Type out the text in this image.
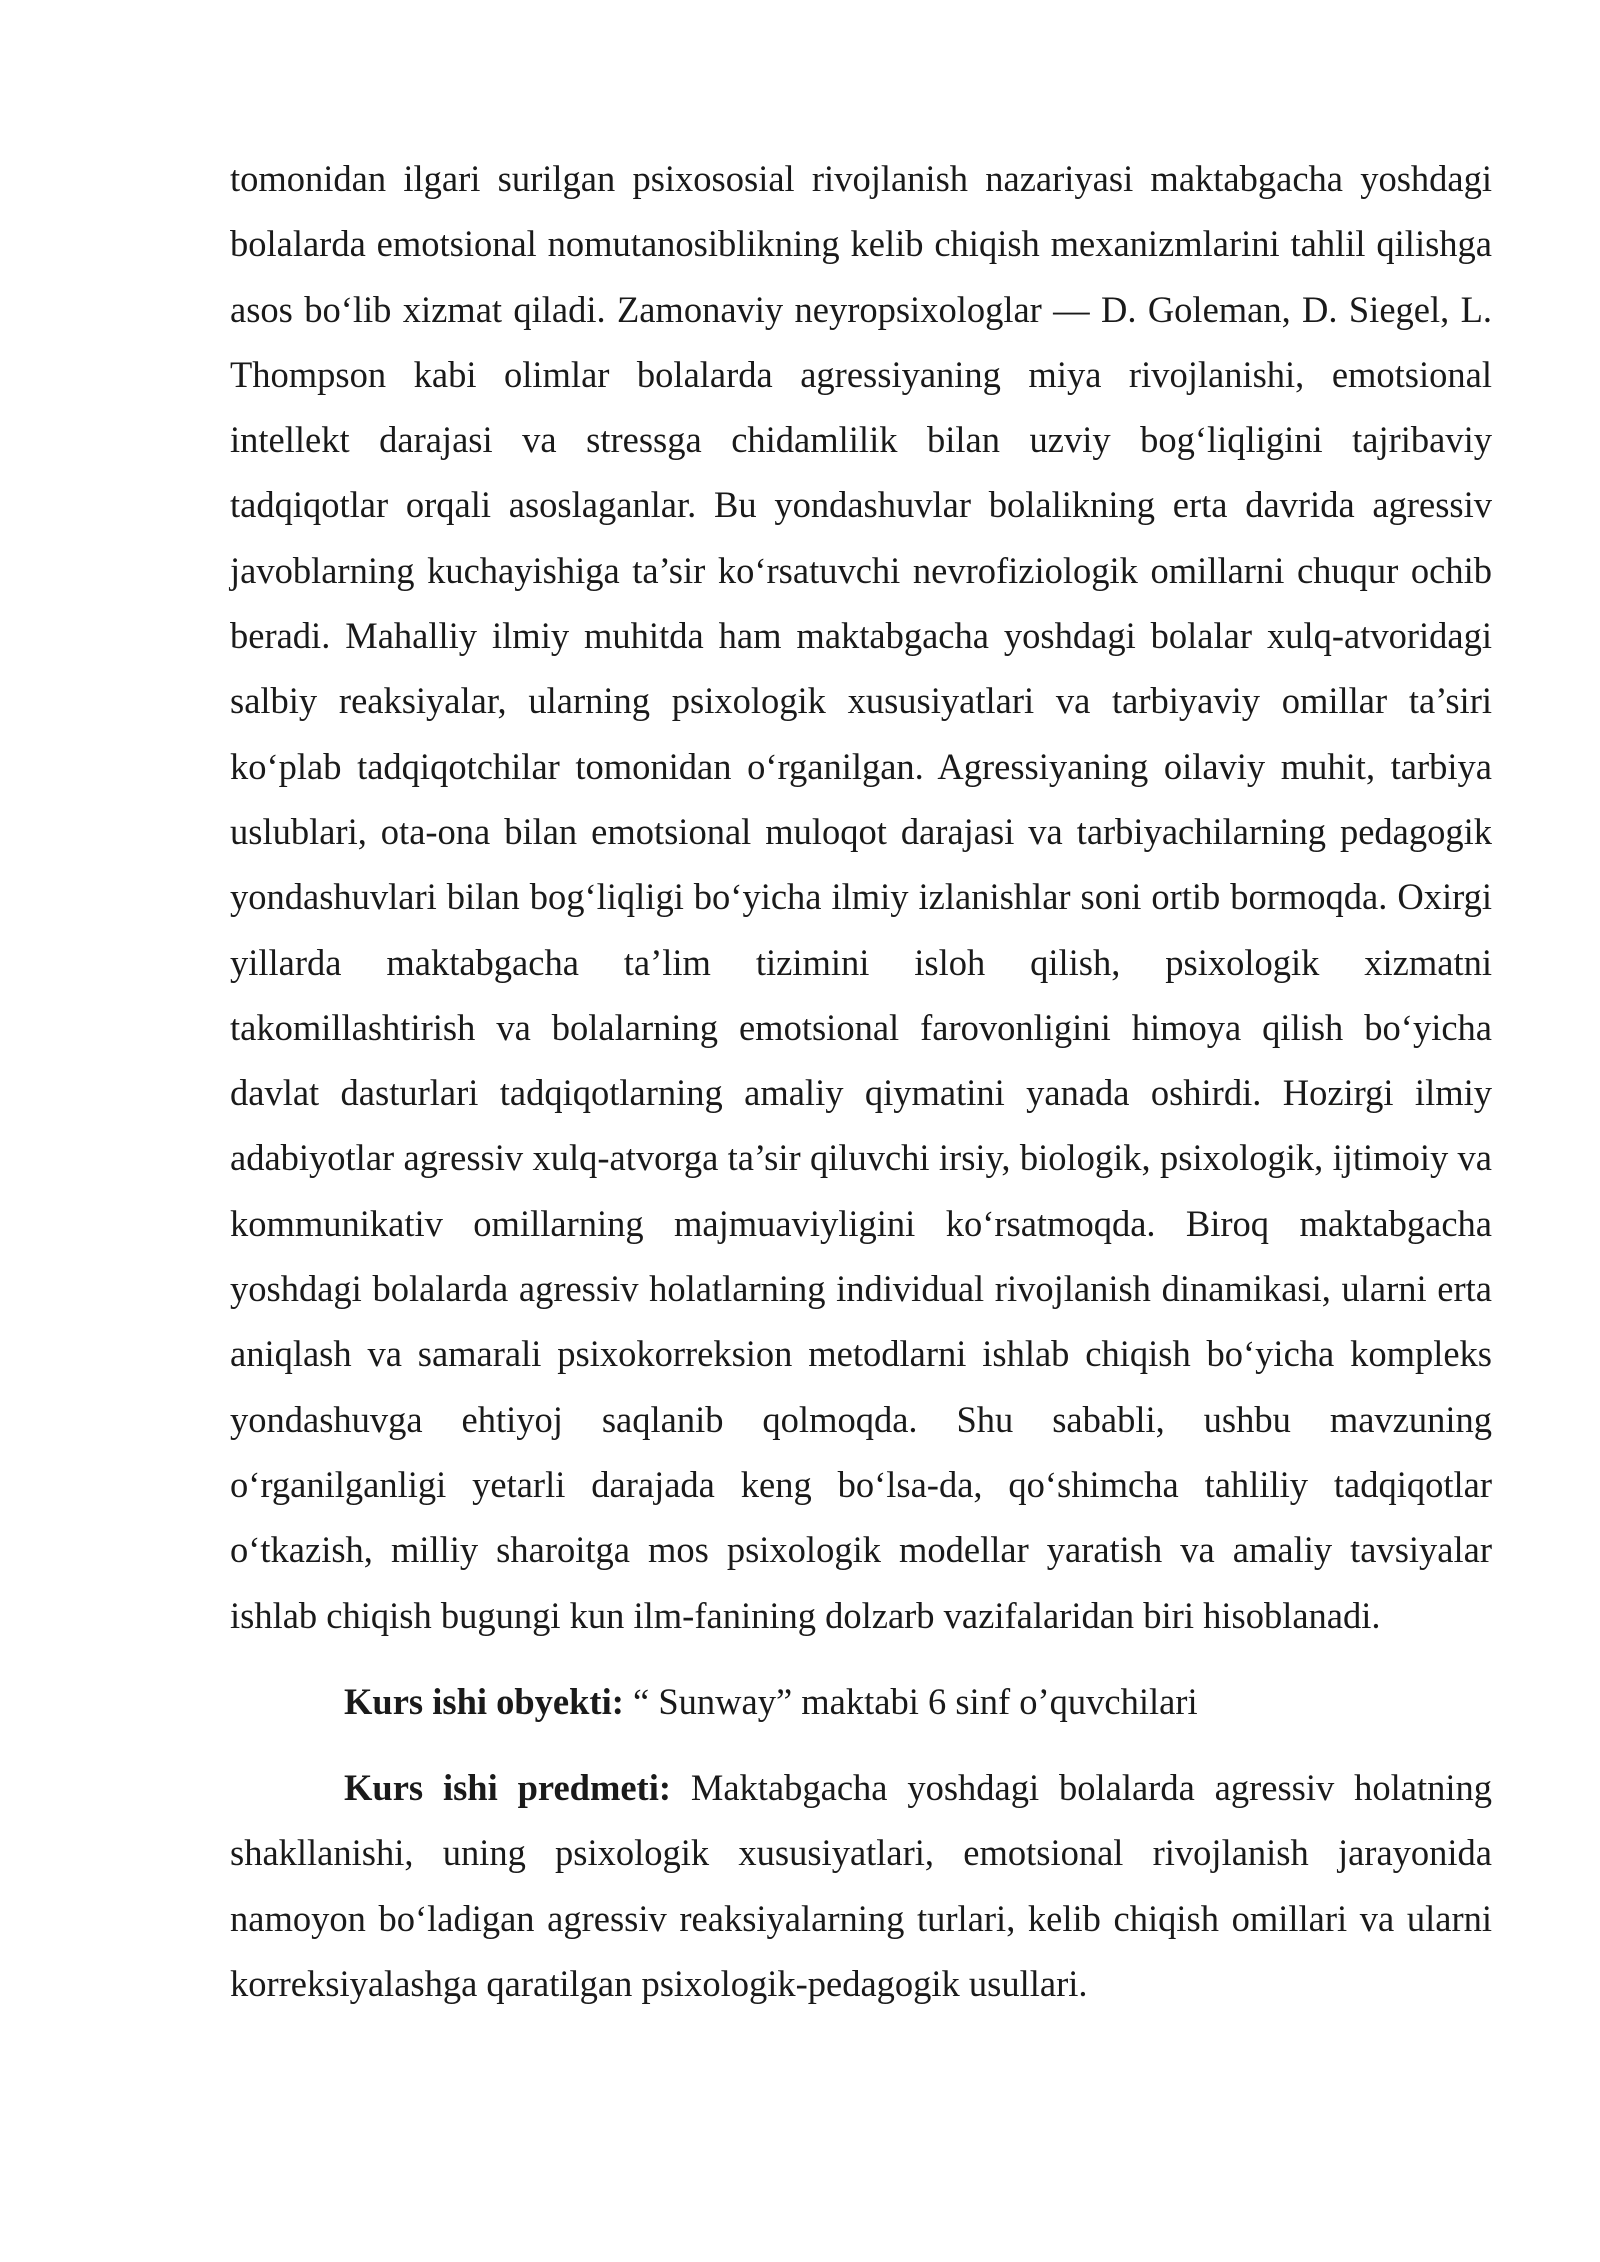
tomonidan ilgari surilgan psixososial rivojlanish nazariyasi maktabgacha yoshdagi bolalarda emotsional nomutanosiblikning kelib chiqish mexanizmlarini tahlil qilishga asos bo‘lib xizmat qiladi. Zamonaviy neyropsixologlar — D. Goleman, D. Siegel, L. Thompson kabi olimlar bolalarda agressiyaning miya rivojlanishi, emotsional intellekt darajasi va stressga chidamlilik bilan uzviy bog‘liqligini tajribaviy tadqiqotlar orqali asoslaganlar. Bu yondashuvlar bolalikning erta davrida agressiv javoblarning kuchayishiga ta’sir ko‘rsatuvchi nevrofiziologik omillarni chuqur ochib beradi. Mahalliy ilmiy muhitda ham maktabgacha yoshdagi bolalar xulq-atvoridagi salbiy reaksiyalar, ularning psixologik xususiyatlari va tarbiyaviy omillar ta’siri ko‘plab tadqiqotchilar tomonidan o‘rganilgan. Agressiyaning oilaviy muhit, tarbiya uslublari, ota-ona bilan emotsional muloqot darajasi va tarbiyachilarning pedagogik yondashuvlari bilan bog‘liqligi bo‘yicha ilmiy izlanishlar soni ortib bormoqda. Oxirgi yillarda maktabgacha ta’lim tizimini isloh qilish, psixologik xizmatni takomillashtirish va bolalarning emotsional farovonligini himoya qilish bo‘yicha davlat dasturlari tadqiqotlarning amaliy qiymatini yanada oshirdi. Hozirgi ilmiy adabiyotlar agressiv xulq-atvorga ta’sir qiluvchi irsiy, biologik, psixologik, ijtimoiy va kommunikativ omillarning majmuaviyligini ko‘rsatmoqda. Biroq maktabgacha yoshdagi bolalarda agressiv holatlarning individual rivojlanish dinamikasi, ularni erta aniqlash va samarali psixokorreksion metodlarni ishlab chiqish bo‘yicha kompleks yondashuvga ehtiyoj saqlanib qolmoqda. Shu sababli, ushbu mavzuning o‘rganilganligi yetarli darajada keng bo‘lsa-da, qo‘shimcha tahliliy tadqiqotlar o‘tkazish, milliy sharoitga mos psixologik modellar yaratish va amaliy tavsiyalar ishlab chiqish bugungi kun ilm-fanining dolzarb vazifalaridan biri hisoblanadi.

Kurs ishi obyekti: “ Sunway” maktabi 6 sinf o’quvchilari

Kurs ishi predmeti: Maktabgacha yoshdagi bolalarda agressiv holatning shakllanishi, uning psixologik xususiyatlari, emotsional rivojlanish jarayonida namoyon bo‘ladigan agressiv reaksiyalarning turlari, kelib chiqish omillari va ularni korreksiyalashga qaratilgan psixologik-pedagogik usullari.
